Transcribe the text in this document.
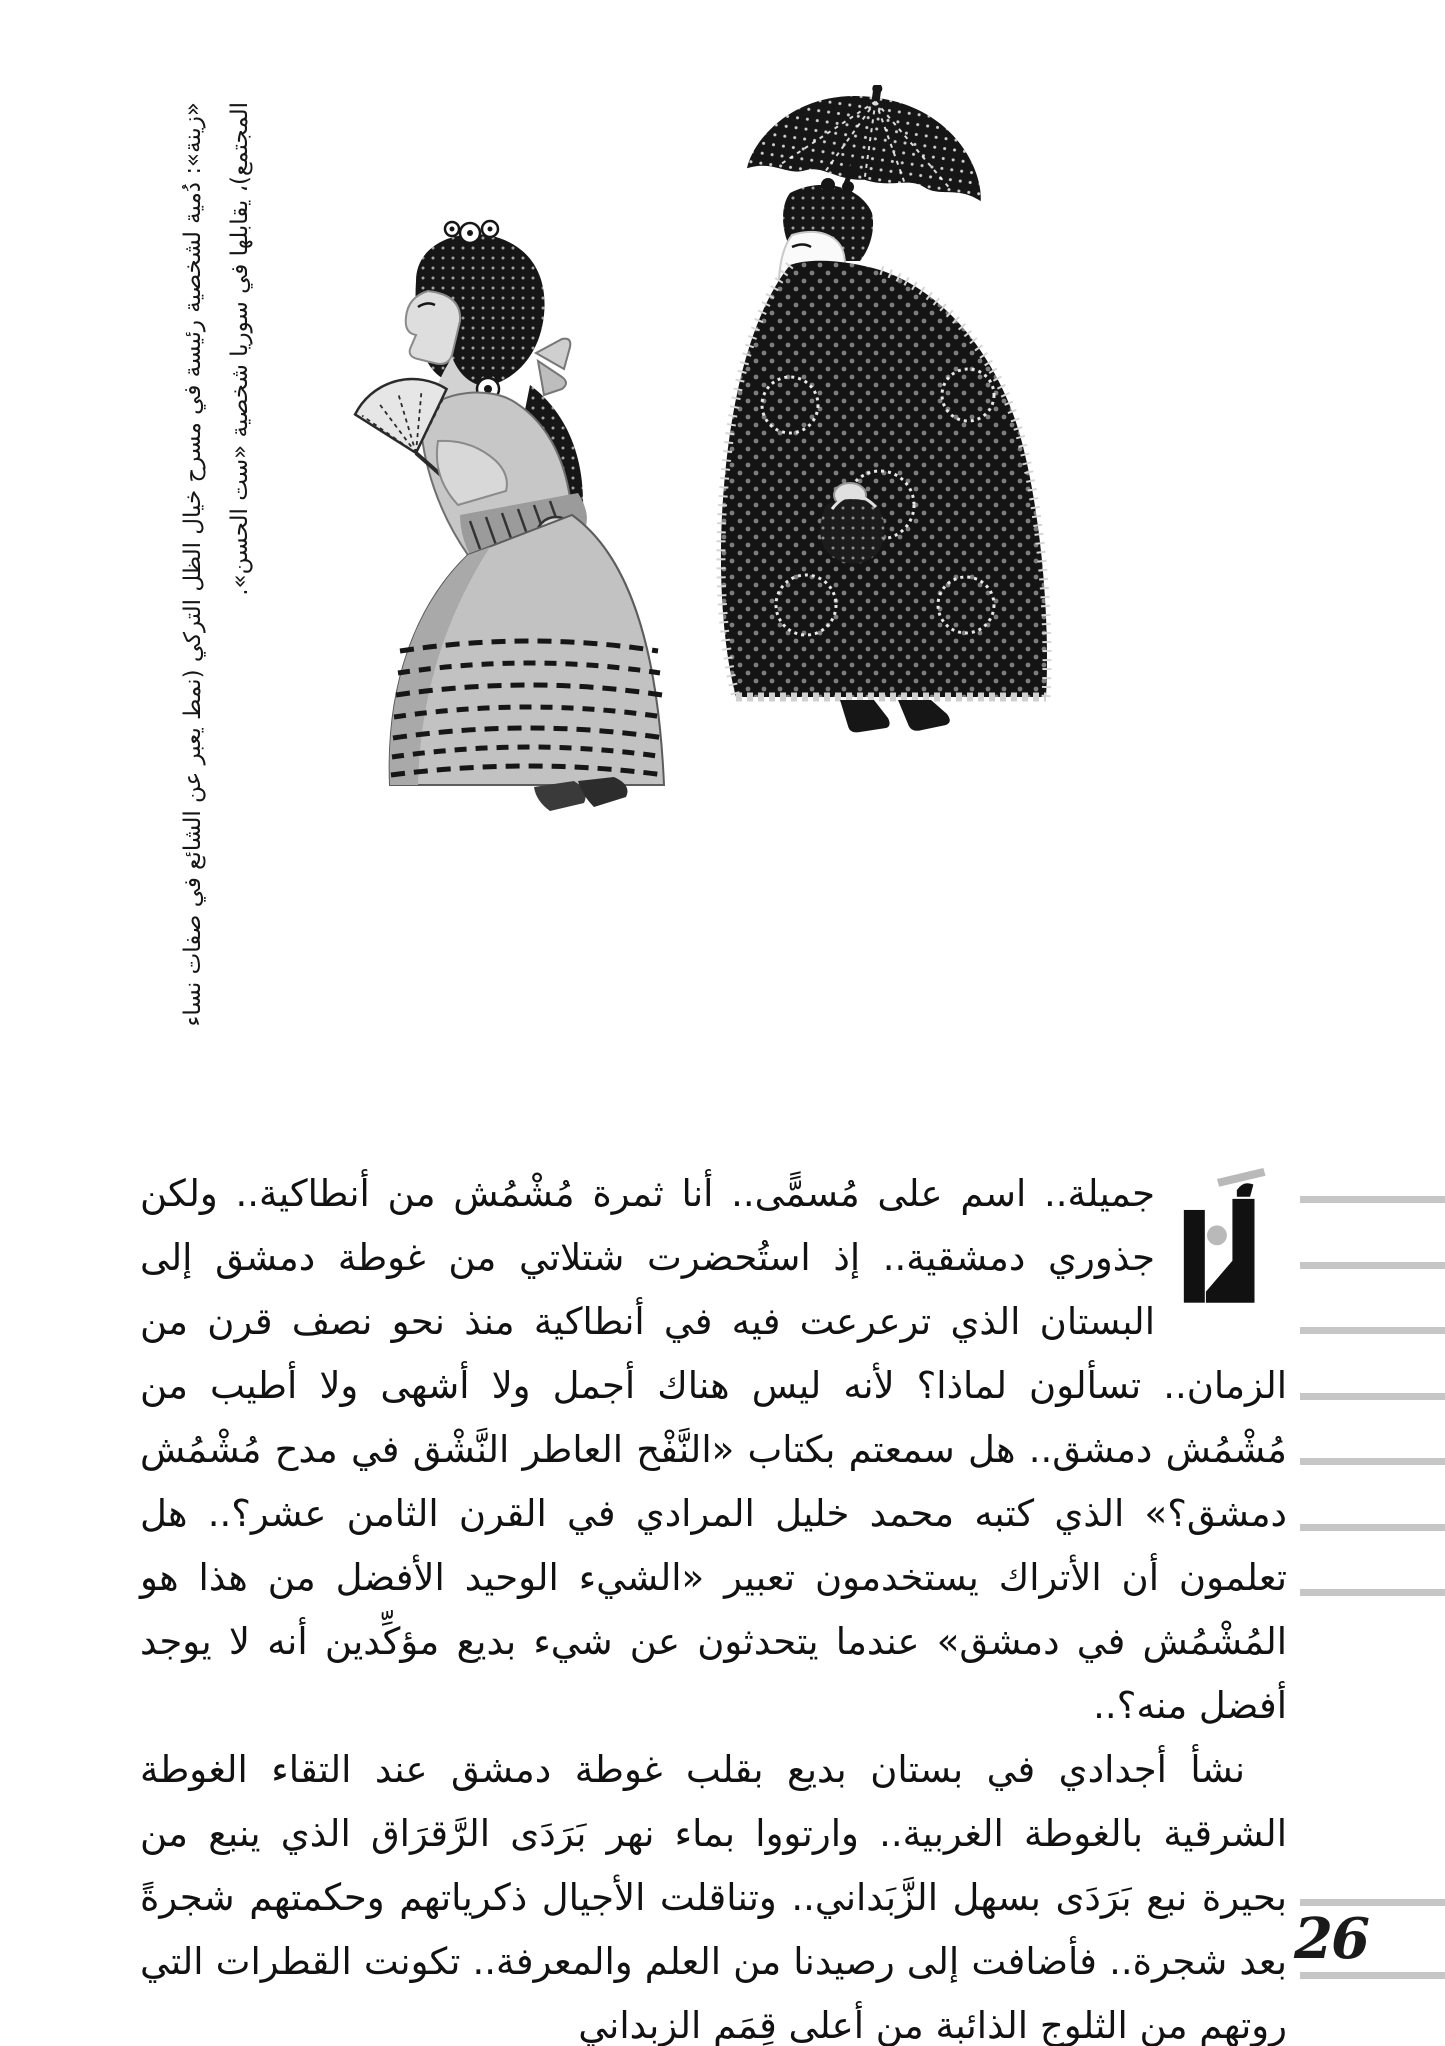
«زينة»: دُمية لشخصية رئيسة في مسرح خيال الظل التركي (نمط يعبر عن الشائع في صفات نساء المجتمع)، يقابلها في سوريا شخصية «ست الحسن».

جميلة.. اسم على مُسمًّى.. أنا ثمرة مُشْمُش من أنطاكية.. ولكن جذوري دمشقية.. إذ استُحضرت شتلاتي من غوطة دمشق إلى البستان الذي ترعرعت فيه في أنطاكية منذ نحو نصف قرن من الزمان.. تسألون لماذا؟ لأنه ليس هناك أجمل ولا أشهى ولا أطيب من مُشْمُش دمشق.. هل سمعتم بكتاب «النَّفْح العاطر النَّشْق في مدح مُشْمُش دمشق؟» الذي كتبه محمد خليل المرادي في القرن الثامن عشر؟.. هل تعلمون أن الأتراك يستخدمون تعبير «الشيء الوحيد الأفضل من هذا هو المُشْمُش في دمشق» عندما يتحدثون عن شيء بديع مؤكِّدين أنه لا يوجد أفضل منه؟..

نشأ أجدادي في بستان بديع بقلب غوطة دمشق عند التقاء الغوطة الشرقية بالغوطة الغربية.. وارتووا بماء نهر بَرَدَى الرَّقرَاق الذي ينبع من بحيرة نبع بَرَدَى بسهل الزَّبَداني.. وتناقلت الأجيال ذكرياتهم وحكمتهم شجرةً بعد شجرة.. فأضافت إلى رصيدنا من العلم والمعرفة.. تكونت القطرات التي روتهم من الثلوج الذائبة من أعلى قِمَم الزبداني

26
